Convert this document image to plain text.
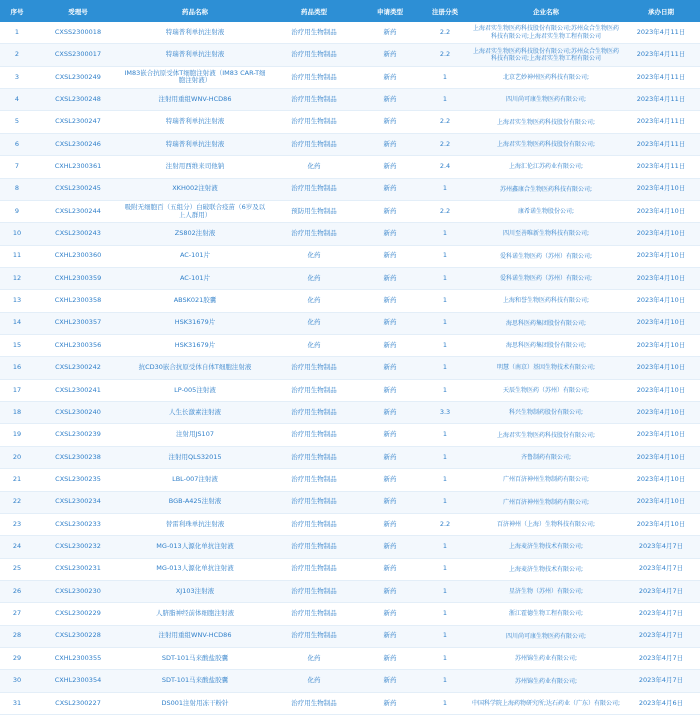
序号	受理号	药品名称	药品类型	申请类型	注册分类	企业名称	承办日期
1	CXSS2300018	特瑞普利单抗注射液	治疗用生物制品	新药	2.2	上海君实生物医药科技股份有限公司;苏州众合生物医药科技有限公司;上海君实生物工程有限公司	2023年4月11日
2	CXSS2300017	特瑞普利单抗注射液	治疗用生物制品	新药	2.2	上海君实生物医药科技股份有限公司;苏州众合生物医药科技有限公司;上海君实生物工程有限公司	2023年4月11日
3	CXSL2300249	IM83嵌合抗原受体T细胞注射液（IM83 CAR-T细胞注射液）	治疗用生物制品	新药	1	北京艺妙神州医药科技有限公司;	2023年4月11日
4	CXSL2300248	注射用重组WNV-HCD86	治疗用生物制品	新药	1	四川尚可康生物医药有限公司;	2023年4月11日
5	CXSL2300247	特瑞普利单抗注射液	治疗用生物制品	新药	2.2	上海君实生物医药科技股份有限公司;	2023年4月11日
6	CXSL2300246	特瑞普利单抗注射液	治疗用生物制品	新药	2.2	上海君实生物医药科技股份有限公司;	2023年4月11日
7	CXHL2300361	注射用西维来司他钠	化药	新药	2.4	上海汇伦江苏药业有限公司;	2023年4月11日
8	CXSL2300245	XKH002注射液	治疗用生物制品	新药	1	苏州鑫康合生物医药科技有限公司;	2023年4月10日
9	CXSL2300244	吸附无细胞百（五组分）白破联合疫苗（6岁及以上人群用）	预防用生物制品	新药	2.2	康希诺生物股份公司;	2023年4月10日
10	CXSL2300243	ZS802注射液	治疗用生物制品	新药	1	四川至善唯新生物科技有限公司;	2023年4月10日
11	CXHL2300360	AC-101片	化药	新药	1	爱科诺生物医药（苏州）有限公司;	2023年4月10日
12	CXHL2300359	AC-101片	化药	新药	1	爱科诺生物医药（苏州）有限公司;	2023年4月10日
13	CXHL2300358	ABSK021胶囊	化药	新药	1	上海和誉生物医药科技有限公司;	2023年4月10日
14	CXHL2300357	HSK31679片	化药	新药	1	海思科医药集团股份有限公司;	2023年4月10日
15	CXHL2300356	HSK31679片	化药	新药	1	海思科医药集团股份有限公司;	2023年4月10日
16	CXSL2300242	抗CD30嵌合抗原受体自体T细胞注射液	治疗用生物制品	新药	1	明慧（南京）基因生物技术有限公司;	2023年4月10日
17	CXSL2300241	LP-005注射液	治疗用生物制品	新药	1	天辰生物医药（苏州）有限公司;	2023年4月10日
18	CXSL2300240	人生长激素注射液	治疗用生物制品	新药	3.3	科兴生物制药股份有限公司;	2023年4月10日
19	CXSL2300239	注射用JS107	治疗用生物制品	新药	1	上海君实生物医药科技股份有限公司;	2023年4月10日
20	CXSL2300238	注射用QLS32015	治疗用生物制品	新药	1	齐鲁制药有限公司;	2023年4月10日
21	CXSL2300235	LBL-007注射液	治疗用生物制品	新药	1	广州百济神州生物制药有限公司;	2023年4月10日
22	CXSL2300234	BGB-A425注射液	治疗用生物制品	新药	1	广州百济神州生物制药有限公司;	2023年4月10日
23	CXSL2300233	替雷利珠单抗注射液	治疗用生物制品	新药	2.2	百济神州（上海）生物科技有限公司;	2023年4月10日
24	CXSL2300232	MG-013人源化单抗注射液	治疗用生物制品	新药	1	上海麦济生物技术有限公司;	2023年4月7日
25	CXSL2300231	MG-013人源化单抗注射液	治疗用生物制品	新药	1	上海麦济生物技术有限公司;	2023年4月7日
26	CXSL2300230	XJ103注射液	治疗用生物制品	新药	1	星济生物（苏州）有限公司;	2023年4月7日
27	CXSL2300229	人脐脂神经前体细胞注射液	治疗用生物制品	新药	1	浙江霍德生物工程有限公司;	2023年4月7日
28	CXSL2300228	注射用重组WNV-HCD86	治疗用生物制品	新药	1	四川尚可康生物医药有限公司;	2023年4月7日
29	CXHL2300355	SDT-101马来酸盐胶囊	化药	新药	1	苏州锦生药业有限公司;	2023年4月7日
30	CXHL2300354	SDT-101马来酸盐胶囊	化药	新药	1	苏州锦生药业有限公司;	2023年4月7日
31	CXSL2300227	DS001注射用冻干粉针	治疗用生物制品	新药	1	中国科学院上海药物研究所;达石药业（广东）有限公司;	2023年4月6日
